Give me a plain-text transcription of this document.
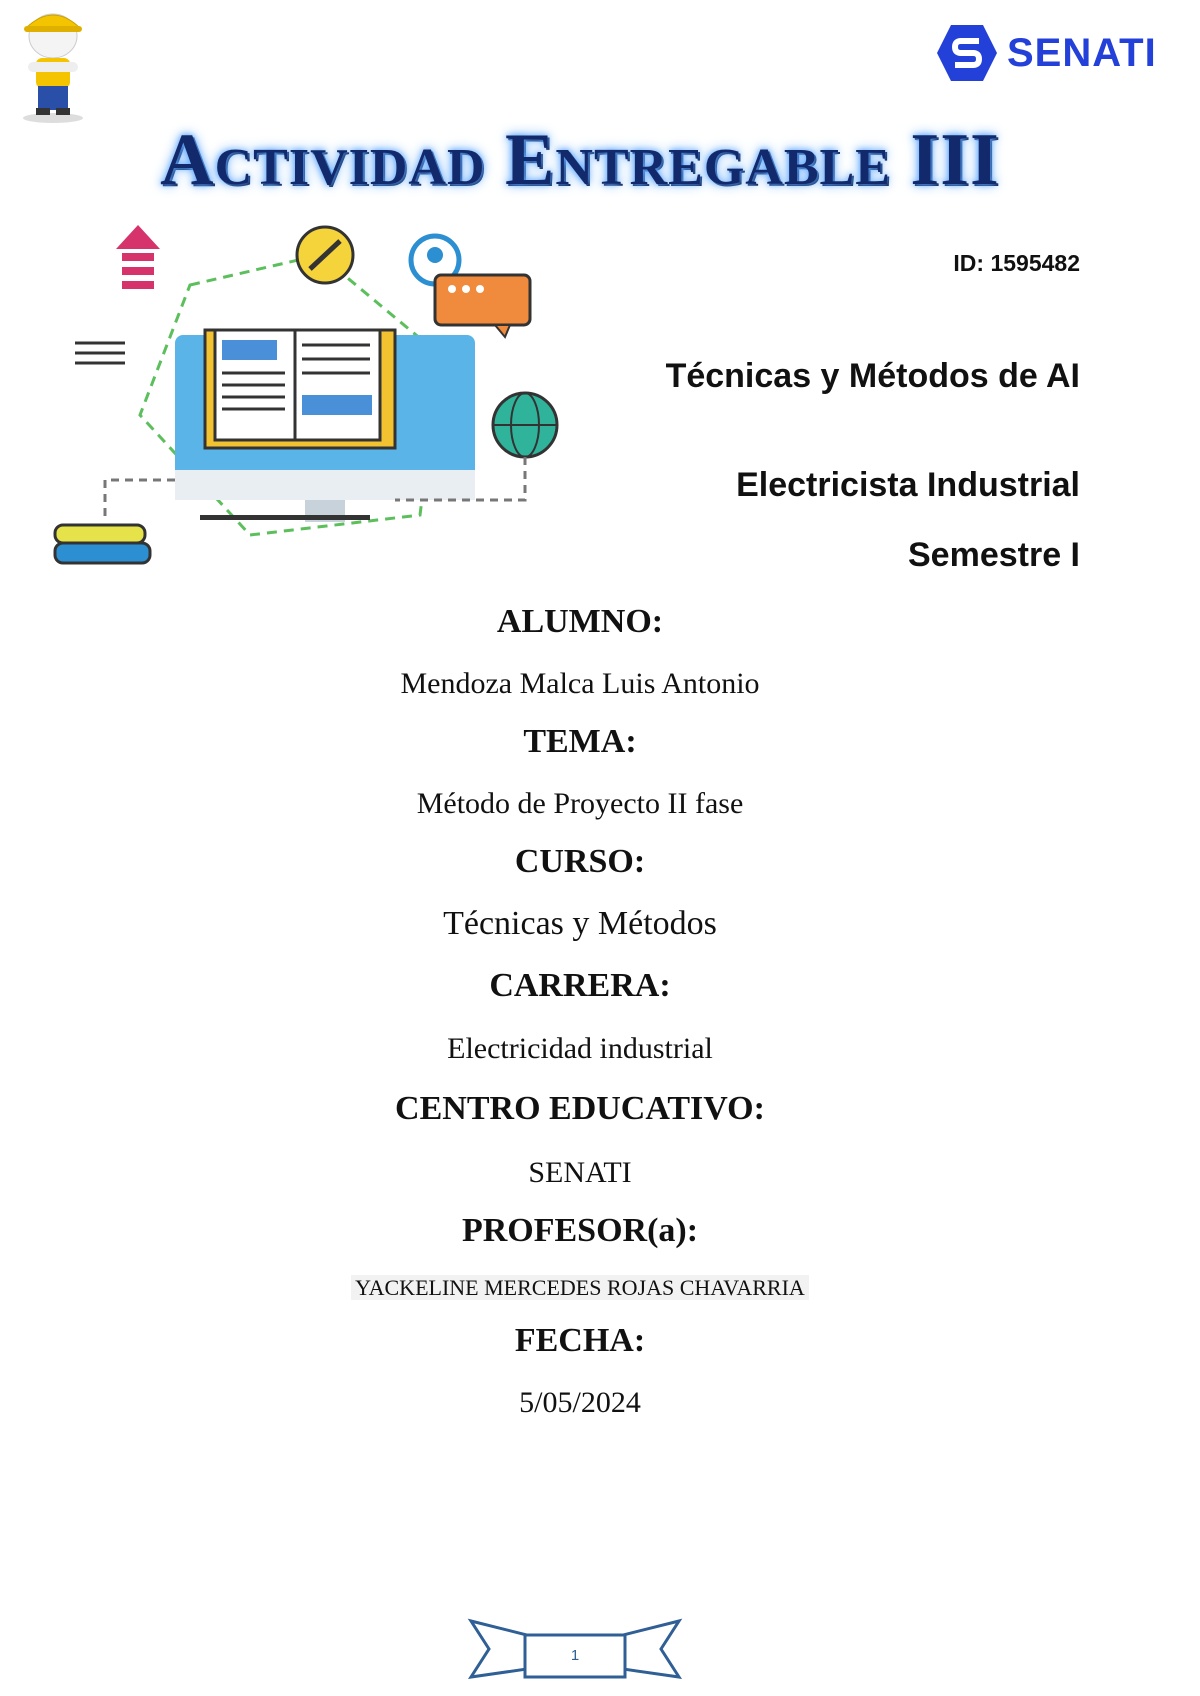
SENATI
Actividad Entregable III
ID: 1595482
Técnicas y Métodos de AI
Electricista Industrial
Semestre I
ALUMNO:
Mendoza Malca Luis Antonio
TEMA:
Método de Proyecto II fase
CURSO:
Técnicas y Métodos
CARRERA:
Electricidad industrial
CENTRO EDUCATIVO:
SENATI
PROFESOR(a):
YACKELINE MERCEDES ROJAS CHAVARRIA
FECHA:
5/05/2024
1
